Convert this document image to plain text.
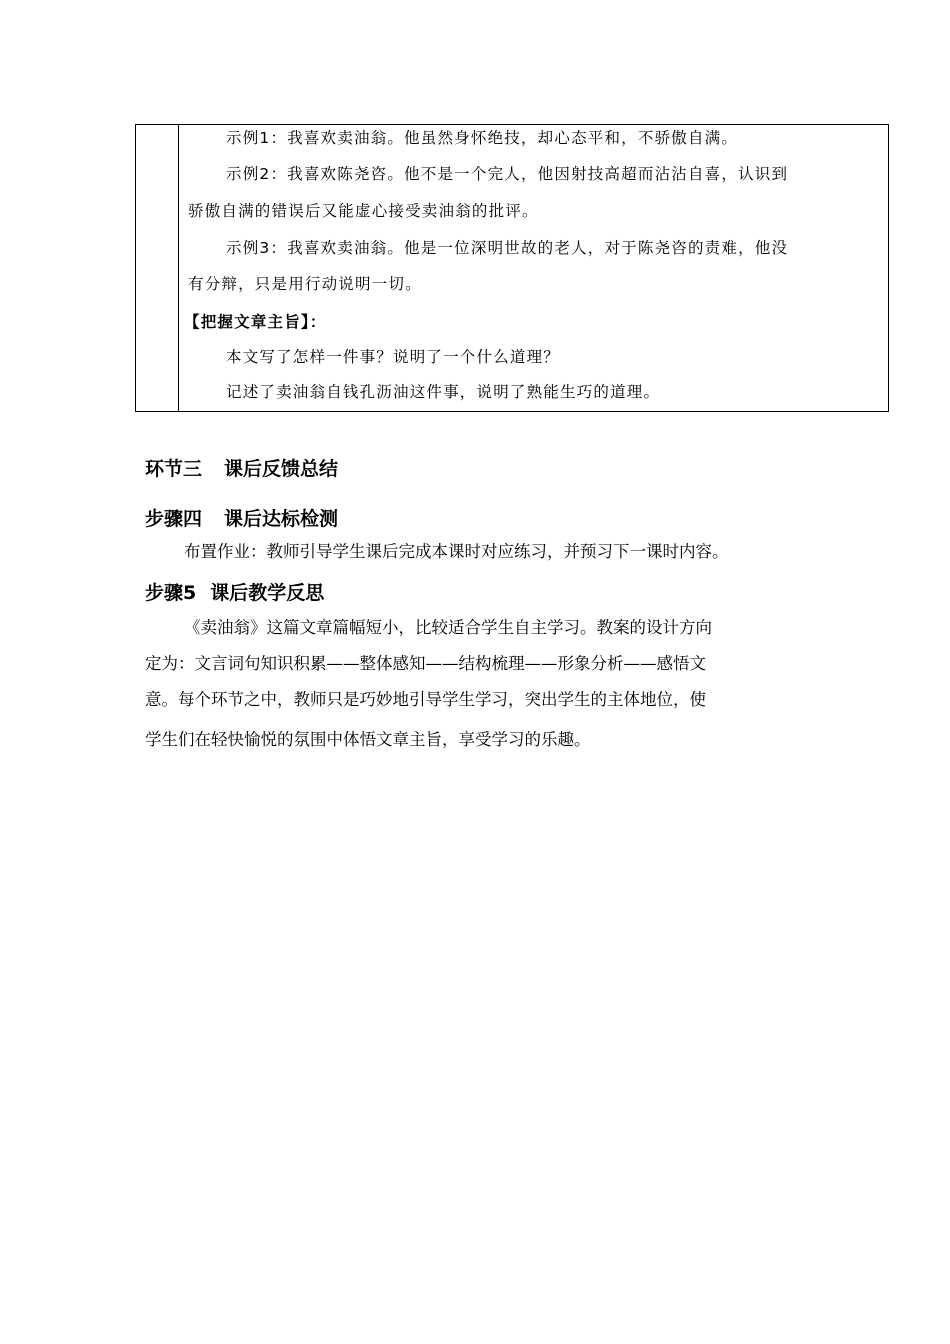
示例1：我喜欢卖油翁。他虽然身怀绝技，却心态平和，不骄傲自满。
示例2：我喜欢陈尧咨。他不是一个完人，他因射技高超而沾沾自喜，认识到
骄傲自满的错误后又能虚心接受卖油翁的批评。
示例3：我喜欢卖油翁。他是一位深明世故的老人，对于陈尧咨的责难，他没
有分辩，只是用行动说明一切。
【把握文章主旨】：
本文写了怎样一件事？说明了一个什么道理？
记述了卖油翁自钱孔沥油这件事，说明了熟能生巧的道理。
环节三 课后反馈总结
步骤四 课后达标检测
布置作业：教师引导学生课后完成本课时对应练习，并预习下一课时内容。
步骤5 课后教学反思
《卖油翁》这篇文章篇幅短小，比较适合学生自主学习。教案的设计方向
定为：文言词句知识积累——整体感知——结构梳理——形象分析——感悟文
意。每个环节之中，教师只是巧妙地引导学生学习，突出学生的主体地位，使
学生们在轻快愉悦的氛围中体悟文章主旨，享受学习的乐趣。
